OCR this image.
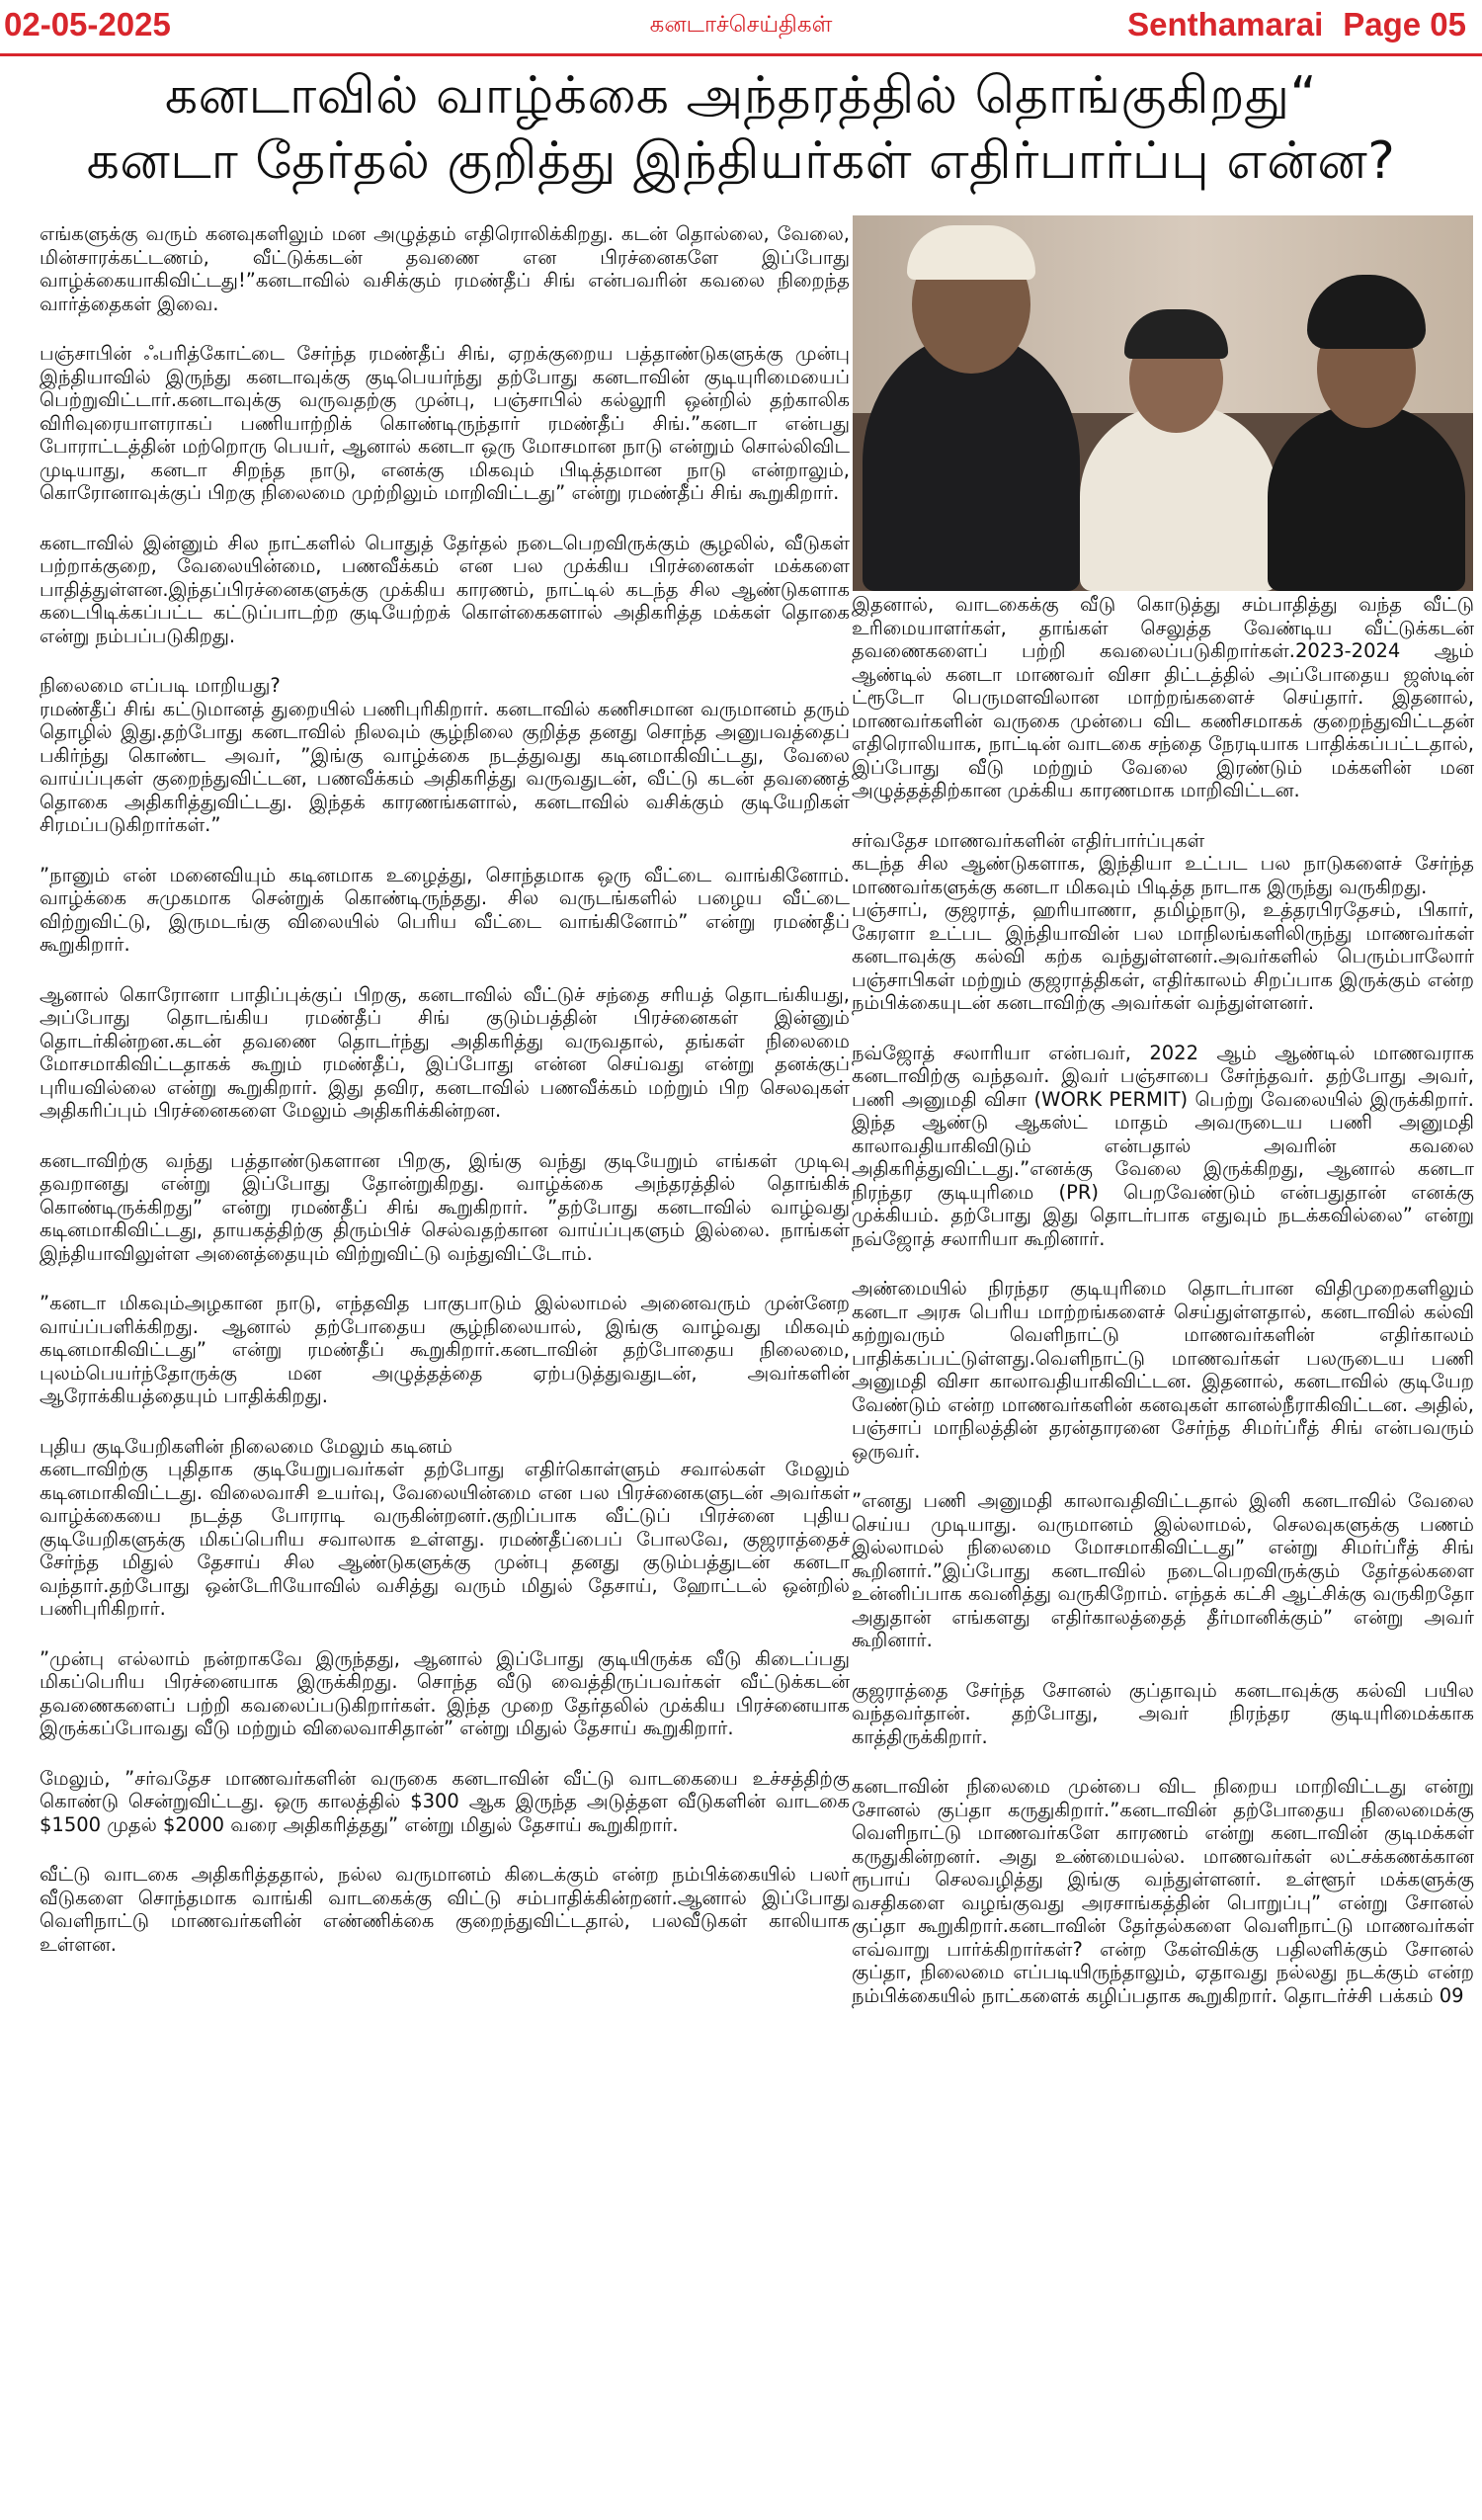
02-05-2025	கனடாச்செய்திகள்	Senthamarai Page 05
கனடாவில் வாழ்க்கை அந்தரத்தில் தொங்குகிறது“
கனடா தேர்தல் குறித்து இந்தியர்கள் எதிர்பார்ப்பு என்ன?

எங்களுக்கு வரும் கனவுகளிலும் மன அழுத்தம் எதிரொலிக்கிறது. கடன் தொல்லை, வேலை, மின்சாரக்கட்டணம், வீட்டுக்கடன் தவணை என பிரச்னைகளே இப்போது வாழ்க்கையாகிவிட்டது!”கனடாவில் வசிக்கும் ரமண்தீப் சிங் என்பவரின் கவலை நிறைந்த வார்த்தைகள் இவை.

பஞ்சாபின் ஃபரித்கோட்டை சேர்ந்த ரமண்தீப் சிங், ஏறக்குறைய பத்தாண்டுகளுக்கு முன்பு இந்தியாவில் இருந்து கனடாவுக்கு குடிபெயர்ந்து தற்போது கனடாவின் குடியுரிமையைப் பெற்றுவிட்டார்.கனடாவுக்கு வருவதற்கு முன்பு, பஞ்சாபில் கல்லூரி ஒன்றில் தற்காலிக விரிவுரையாளராகப் பணியாற்றிக் கொண்டிருந்தார் ரமண்தீப் சிங்.”கனடா என்பது போராட்டத்தின் மற்றொரு பெயர், ஆனால் கனடா ஒரு மோசமான நாடு என்றும் சொல்லிவிட முடியாது, கனடா சிறந்த நாடு, எனக்கு மிகவும் பிடித்தமான நாடு என்றாலும், கொரோனாவுக்குப் பிறகு நிலைமை முற்றிலும் மாறிவிட்டது” என்று ரமண்தீப் சிங் கூறுகிறார்.

கனடாவில் இன்னும் சில நாட்களில் பொதுத் தேர்தல் நடைபெறவிருக்கும் சூழலில், வீடுகள் பற்றாக்குறை, வேலையின்மை, பணவீக்கம் என பல முக்கிய பிரச்னைகள் மக்களை பாதித்துள்ளன.இந்தப்பிரச்னைகளுக்கு முக்கிய காரணம், நாட்டில் கடந்த சில ஆண்டுகளாக கடைபிடிக்கப்பட்ட கட்டுப்பாடற்ற குடியேற்றக் கொள்கைகளால் அதிகரித்த மக்கள் தொகை என்று நம்பப்படுகிறது.

நிலைமை எப்படி மாறியது?

ரமண்தீப் சிங் கட்டுமானத் துறையில் பணிபுரிகிறார். கனடாவில் கணிசமான வருமானம் தரும் தொழில் இது.தற்போது கனடாவில் நிலவும் சூழ்நிலை குறித்த தனது சொந்த அனுபவத்தைப் பகிர்ந்து கொண்ட அவர், ”இங்கு வாழ்க்கை நடத்துவது கடினமாகிவிட்டது, வேலை வாய்ப்புகள் குறைந்துவிட்டன, பணவீக்கம் அதிகரித்து வருவதுடன், வீட்டு கடன் தவணைத் தொகை அதிகரித்துவிட்டது. இந்தக் காரணங்களால், கனடாவில் வசிக்கும் குடியேறிகள் சிரமப்படுகிறார்கள்.”

”நானும் என் மனைவியும் கடினமாக உழைத்து, சொந்தமாக ஒரு வீட்டை வாங்கினோம். வாழ்க்கை சுமுகமாக சென்றுக் கொண்டிருந்தது. சில வருடங்களில் பழைய வீட்டை விற்றுவிட்டு, இருமடங்கு விலையில் பெரிய வீட்டை வாங்கினோம்” என்று ரமண்தீப் கூறுகிறார்.

ஆனால் கொரோனா பாதிப்புக்குப் பிறகு, கனடாவில் வீட்டுச் சந்தை சரியத் தொடங்கியது, அப்போது தொடங்கிய ரமண்தீப் சிங் குடும்பத்தின் பிரச்னைகள் இன்னும் தொடர்கின்றன.கடன் தவணை தொடர்ந்து அதிகரித்து வருவதால், தங்கள் நிலைமை மோசமாகிவிட்டதாகக் கூறும் ரமண்தீப், இப்போது என்ன செய்வது என்று தனக்குப் புரியவில்லை என்று கூறுகிறார். இது தவிர, கனடாவில் பணவீக்கம் மற்றும் பிற செலவுகள் அதிகரிப்பும் பிரச்னைகளை மேலும் அதிகரிக்கின்றன.

கனடாவிற்கு வந்து பத்தாண்டுகளான பிறகு, இங்கு வந்து குடியேறும் எங்கள் முடிவு தவறானது என்று இப்போது தோன்றுகிறது. வாழ்க்கை அந்தரத்தில் தொங்கிக் கொண்டிருக்கிறது” என்று ரமண்தீப் சிங் கூறுகிறார். ”தற்போது கனடாவில் வாழ்வது கடினமாகிவிட்டது, தாயகத்திற்கு திரும்பிச் செல்வதற்கான வாய்ப்புகளும் இல்லை. நாங்கள் இந்தியாவிலுள்ள அனைத்தையும் விற்றுவிட்டு வந்துவிட்டோம்.

”கனடா மிகவும்அழகான நாடு, எந்தவித பாகுபாடும் இல்லாமல் அனைவரும் முன்னேற வாய்ப்பளிக்கிறது. ஆனால் தற்போதைய சூழ்நிலையால், இங்கு வாழ்வது மிகவும் கடினமாகிவிட்டது” என்று ரமண்தீப் கூறுகிறார்.கனடாவின் தற்போதைய நிலைமை, புலம்பெயர்ந்தோருக்கு மன அழுத்தத்தை ஏற்படுத்துவதுடன், அவர்களின் ஆரோக்கியத்தையும் பாதிக்கிறது.

புதிய குடியேறிகளின் நிலைமை மேலும் கடினம்

கனடாவிற்கு புதிதாக குடியேறுபவர்கள் தற்போது எதிர்கொள்ளும் சவால்கள் மேலும் கடினமாகிவிட்டது. விலைவாசி உயர்வு, வேலையின்மை என பல பிரச்னைகளுடன் அவர்கள் வாழ்க்கையை நடத்த போராடி வருகின்றனர்.குறிப்பாக வீட்டுப் பிரச்னை புதிய குடியேறிகளுக்கு மிகப்பெரிய சவாலாக உள்ளது. ரமண்தீப்பைப் போலவே, குஜராத்தைச் சேர்ந்த மிதுல் தேசாய் சில ஆண்டுகளுக்கு முன்பு தனது குடும்பத்துடன் கனடா வந்தார்.தற்போது ஒன்டேரியோவில் வசித்து வரும் மிதுல் தேசாய், ஹோட்டல் ஒன்றில் பணிபுரிகிறார்.

”முன்பு எல்லாம் நன்றாகவே இருந்தது, ஆனால் இப்போது குடியிருக்க வீடு கிடைப்பது மிகப்பெரிய பிரச்னையாக இருக்கிறது. சொந்த வீடு வைத்திருப்பவர்கள் வீட்டுக்கடன் தவணைகளைப் பற்றி கவலைப்படுகிறார்கள். இந்த முறை தேர்தலில் முக்கிய பிரச்னையாக இருக்கப்போவது வீடு மற்றும் விலைவாசிதான்” என்று மிதுல் தேசாய் கூறுகிறார்.

மேலும், ”சர்வதேச மாணவர்களின் வருகை கனடாவின் வீட்டு வாடகையை உச்சத்திற்கு கொண்டு சென்றுவிட்டது. ஒரு காலத்தில் $300 ஆக இருந்த அடுத்தள வீடுகளின் வாடகை $1500 முதல் $2000 வரை அதிகரித்தது” என்று மிதுல் தேசாய் கூறுகிறார்.

வீட்டு வாடகை அதிகரித்ததால், நல்ல வருமானம் கிடைக்கும் என்ற நம்பிக்கையில் பலர் வீடுகளை சொந்தமாக வாங்கி வாடகைக்கு விட்டு சம்பாதிக்கின்றனர்.ஆனால் இப்போது வெளிநாட்டு மாணவர்களின் எண்ணிக்கை குறைந்துவிட்டதால், பலவீடுகள் காலியாக உள்ளன.

இதனால், வாடகைக்கு வீடு கொடுத்து சம்பாதித்து வந்த வீட்டு உரிமையாளர்கள், தாங்கள் செலுத்த வேண்டிய வீட்டுக்கடன் தவணைகளைப் பற்றி கவலைப்படுகிறார்கள்.2023-2024 ஆம் ஆண்டில் கனடா மாணவர் விசா திட்டத்தில் அப்போதைய ஜஸ்டின் ட்ரூடோ பெருமளவிலான மாற்றங்களைச் செய்தார். இதனால், மாணவர்களின் வருகை முன்பை விட கணிசமாகக் குறைந்துவிட்டதன் எதிரொலியாக, நாட்டின் வாடகை சந்தை நேரடியாக பாதிக்கப்பட்டதால், இப்போது வீடு மற்றும் வேலை இரண்டும் மக்களின் மன அழுத்தத்திற்கான முக்கிய காரணமாக மாறிவிட்டன.

சர்வதேச மாணவர்களின் எதிர்பார்ப்புகள்

கடந்த சில ஆண்டுகளாக, இந்தியா உட்பட பல நாடுகளைச் சேர்ந்த மாணவர்களுக்கு கனடா மிகவும் பிடித்த நாடாக இருந்து வருகிறது.

பஞ்சாப், குஜராத், ஹரியாணா, தமிழ்நாடு, உத்தரபிரதேசம், பிகார், கேரளா உட்பட இந்தியாவின் பல மாநிலங்களிலிருந்து மாணவர்கள் கனடாவுக்கு கல்வி கற்க வந்துள்ளனர்.அவர்களில் பெரும்பாலோர் பஞ்சாபிகள் மற்றும் குஜராத்திகள், எதிர்காலம் சிறப்பாக இருக்கும் என்ற நம்பிக்கையுடன் கனடாவிற்கு அவர்கள் வந்துள்ளனர்.

நவ்ஜோத் சலாரியா என்பவர், 2022 ஆம் ஆண்டில் மாணவராக கனடாவிற்கு வந்தவர். இவர் பஞ்சாபை சேர்ந்தவர். தற்போது அவர், பணி அனுமதி விசா (WORK PERMIT) பெற்று வேலையில் இருக்கிறார். இந்த ஆண்டு ஆகஸ்ட் மாதம் அவருடைய பணி அனுமதி காலாவதியாகிவிடும் என்பதால் அவரின் கவலை அதிகரித்துவிட்டது.”எனக்கு வேலை இருக்கிறது, ஆனால் கனடா நிரந்தர குடியுரிமை (PR) பெறவேண்டும் என்பதுதான் எனக்கு முக்கியம். தற்போது இது தொடர்பாக எதுவும் நடக்கவில்லை” என்று நவ்ஜோத் சலாரியா கூறினார்.

அண்மையில் நிரந்தர குடியுரிமை தொடர்பான விதிமுறைகளிலும் கனடா அரசு பெரிய மாற்றங்களைச் செய்துள்ளதால், கனடாவில் கல்வி கற்றுவரும் வெளிநாட்டு மாணவர்களின் எதிர்காலம் பாதிக்கப்பட்டுள்ளது.வெளிநாட்டு மாணவர்கள் பலருடைய பணி அனுமதி விசா காலாவதியாகிவிட்டன. இதனால், கனடாவில் குடியேற வேண்டும் என்ற மாணவர்களின் கனவுகள் கானல்நீராகிவிட்டன. அதில், பஞ்சாப் மாநிலத்தின் தரன்தாரனை சேர்ந்த சிமர்ப்ரீத் சிங் என்பவரும் ஒருவர்.

”எனது பணி அனுமதி காலாவதிவிட்டதால் இனி கனடாவில் வேலை செய்ய முடியாது. வருமானம் இல்லாமல், செலவுகளுக்கு பணம் இல்லாமல் நிலைமை மோசமாகிவிட்டது” என்று சிமர்ப்ரீத் சிங் கூறினார்.”இப்போது கனடாவில் நடைபெறவிருக்கும் தேர்தல்களை உன்னிப்பாக கவனித்து வருகிறோம். எந்தக் கட்சி ஆட்சிக்கு வருகிறதோ அதுதான் எங்களது எதிர்காலத்தைத் தீர்மானிக்கும்” என்று அவர் கூறினார்.

குஜராத்தை சேர்ந்த சோனல் குப்தாவும் கனடாவுக்கு கல்வி பயில வந்தவர்தான். தற்போது, அவர் நிரந்தர குடியுரிமைக்காக காத்திருக்கிறார்.

கனடாவின் நிலைமை முன்பை விட நிறைய மாறிவிட்டது என்று சோனல் குப்தா கருதுகிறார்.”கனடாவின் தற்போதைய நிலைமைக்கு வெளிநாட்டு மாணவர்களே காரணம் என்று கனடாவின் குடிமக்கள் கருதுகின்றனர். அது உண்மையல்ல. மாணவர்கள் லட்சக்கணக்கான ரூபாய் செலவழித்து இங்கு வந்துள்ளனர். உள்ளூர் மக்களுக்கு வசதிகளை வழங்குவது அரசாங்கத்தின் பொறுப்பு” என்று சோனல் குப்தா கூறுகிறார்.கனடாவின் தேர்தல்களை வெளிநாட்டு மாணவர்கள் எவ்வாறு பார்க்கிறார்கள்? என்ற கேள்விக்கு பதிலளிக்கும் சோனல் குப்தா, நிலைமை எப்படியிருந்தாலும், ஏதாவது நல்லது நடக்கும் என்ற நம்பிக்கையில் நாட்களைக் கழிப்பதாக கூறுகிறார். தொடர்ச்சி பக்கம் 09
